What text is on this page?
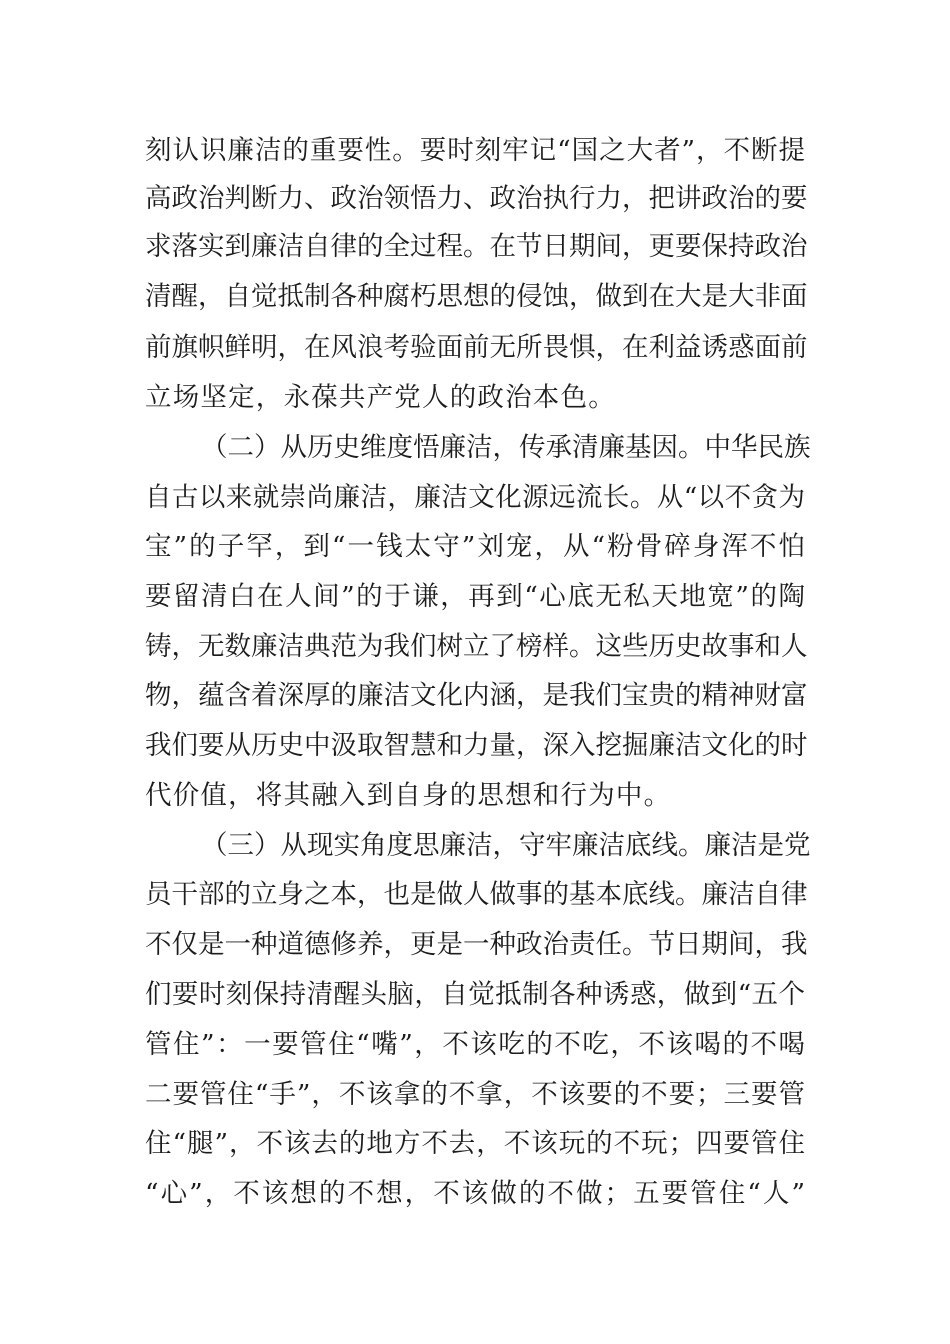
刻认识廉洁的重要性。要时刻牢记“国之大者”，不断提
高政治判断力、政治领悟力、政治执行力，把讲政治的要
求落实到廉洁自律的全过程。在节日期间，更要保持政治
清醒，自觉抵制各种腐朽思想的侵蚀，做到在大是大非面
前旗帜鲜明，在风浪考验面前无所畏惧，在利益诱惑面前
立场坚定，永葆共产党人的政治本色。
（二）从历史维度悟廉洁，传承清廉基因。中华民族
自古以来就崇尚廉洁，廉洁文化源远流长。从“以不贪为
宝”的子罕，到“一钱太守”刘宠，从“粉骨碎身浑不怕
要留清白在人间”的于谦，再到“心底无私天地宽”的陶
铸，无数廉洁典范为我们树立了榜样。这些历史故事和人
物，蕴含着深厚的廉洁文化内涵，是我们宝贵的精神财富
我们要从历史中汲取智慧和力量，深入挖掘廉洁文化的时
代价值，将其融入到自身的思想和行为中。
（三）从现实角度思廉洁，守牢廉洁底线。廉洁是党
员干部的立身之本，也是做人做事的基本底线。廉洁自律
不仅是一种道德修养，更是一种政治责任。节日期间，我
们要时刻保持清醒头脑，自觉抵制各种诱惑，做到“五个
管住”：一要管住“嘴”，不该吃的不吃，不该喝的不喝
二要管住“手”，不该拿的不拿，不该要的不要；三要管
住“腿”，不该去的地方不去，不该玩的不玩；四要管住
“心”，不该想的不想，不该做的不做；五要管住“人”
